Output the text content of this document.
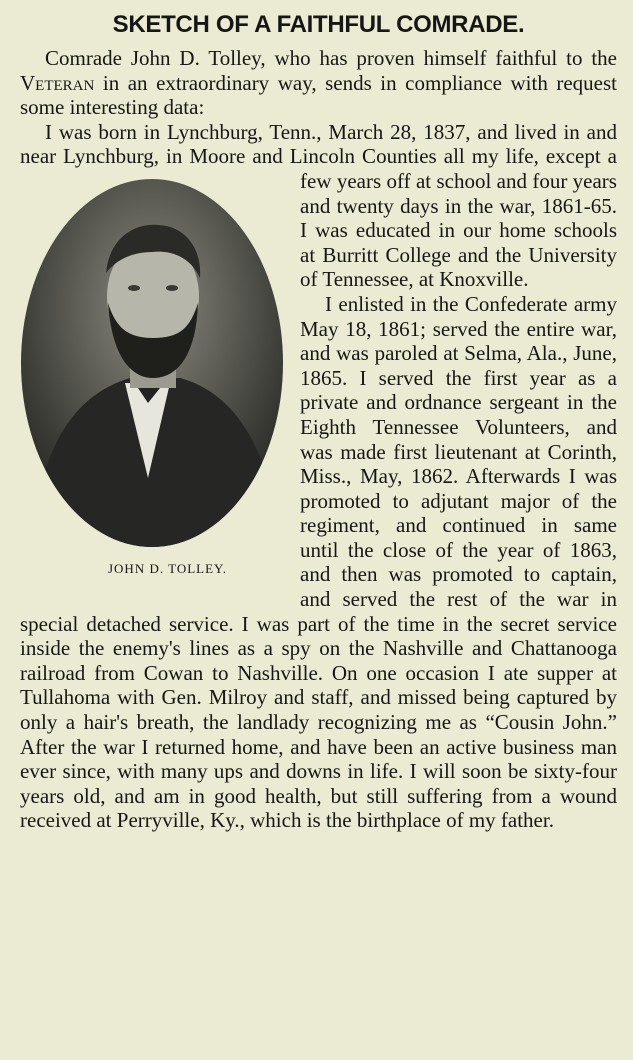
SKETCH OF A FAITHFUL COMRADE.

Comrade John D. Tolley, who has proven himself faithful to the Veteran in an extraordinary way, sends in compliance with request some interesting data:

I was born in Lynchburg, Tenn., March 28, 1837, and lived in and near Lynchburg, in Moore and Lincoln Counties all my life, except a few years off at
JOHN D. TOLLEY.
school and four years and twenty days in the war, 1861-65. I was educated in our home schools at Burritt College and the University of Tennessee, at Knoxville.

I enlisted in the Confederate army May 18, 1861; served the entire war, and was paroled at Selma, Ala., June, 1865. I served the first year as a private and ordnance sergeant in the Eighth Tennessee Volunteers, and was made first lieutenant at Corinth, Miss., May, 1862. Afterwards I was promoted to adjutant major of the regiment, and continued in same until the close of the year of 1863, and then was promoted to captain, and served the rest of the war in special detached service. I was part of the time in the secret service inside the enemy's lines as a spy on the Nashville and Chattanooga railroad from Cowan to Nashville. On one occasion I ate supper at Tullahoma with Gen. Milroy and staff, and missed being captured by only a hair's breath, the landlady recognizing me as “Cousin John.” After the war I returned home, and have been an active business man ever since, with many ups and downs in life. I will soon be sixty-four years old, and am in good health, but still suffering from a wound received at Perryville, Ky., which is the birthplace of my father.
